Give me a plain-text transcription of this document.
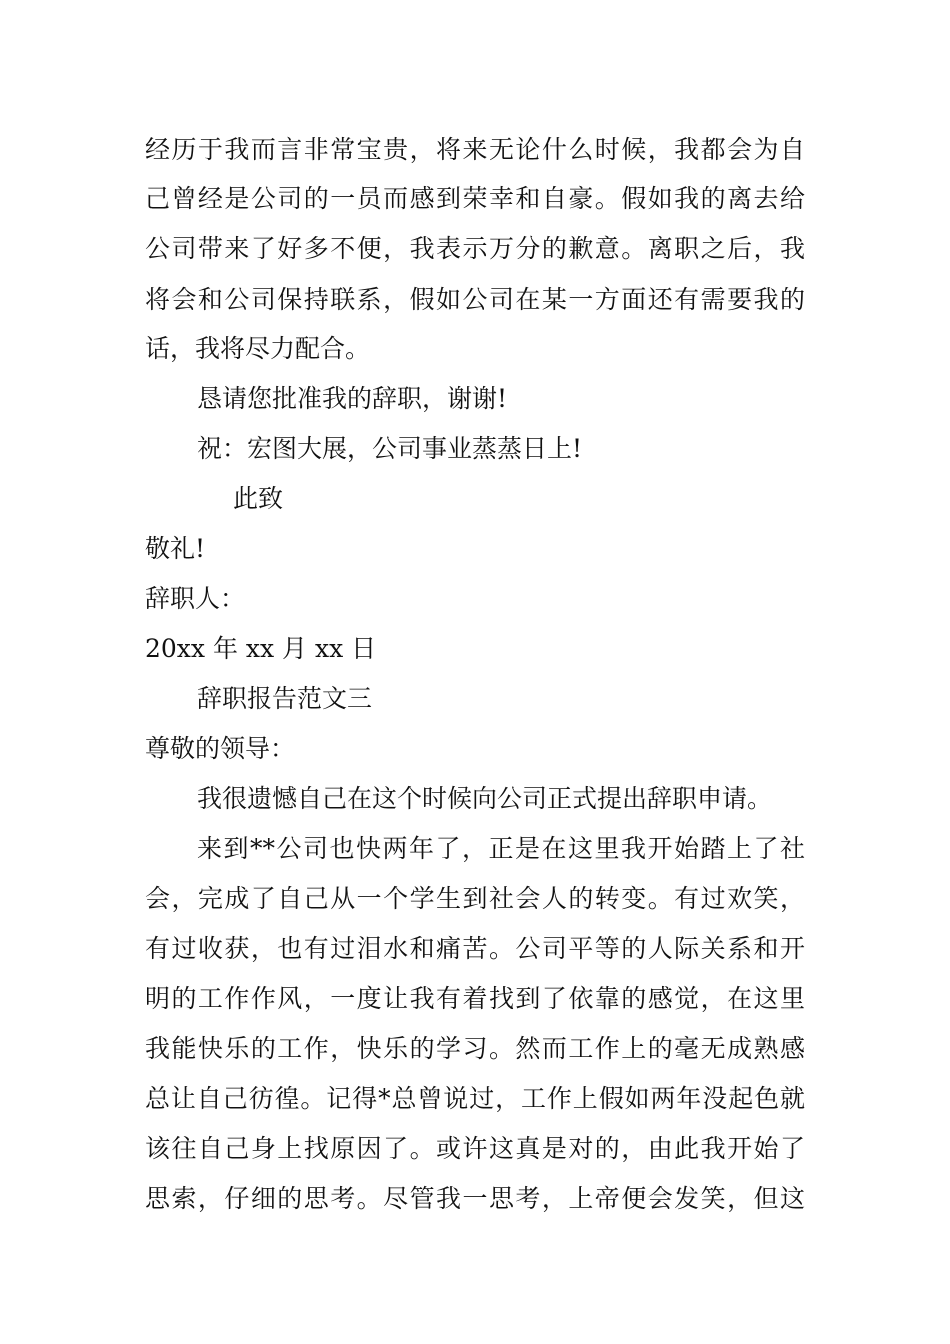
经历于我而言非常宝贵，将来无论什么时候，我都会为自

己曾经是公司的一员而感到荣幸和自豪。假如我的离去给

公司带来了好多不便，我表示万分的歉意。离职之后，我

将会和公司保持联系，假如公司在某一方面还有需要我的

话，我将尽力配合。

恳请您批准我的辞职，谢谢!

祝：宏图大展，公司事业蒸蒸日上!

此致

敬礼!

辞职人：

20xx 年 xx 月 xx 日

辞职报告范文三

尊敬的领导：

我很遗憾自己在这个时候向公司正式提出辞职申请。

来到**公司也快两年了，正是在这里我开始踏上了社

会，完成了自己从一个学生到社会人的转变。有过欢笑，

有过收获，也有过泪水和痛苦。公司平等的人际关系和开

明的工作作风，一度让我有着找到了依靠的感觉，在这里

我能快乐的工作，快乐的学习。然而工作上的毫无成熟感

总让自己彷徨。记得*总曾说过，工作上假如两年没起色就

该往自己身上找原因了。或许这真是对的，由此我开始了

思索，仔细的思考。尽管我一思考，上帝便会发笑，但这
